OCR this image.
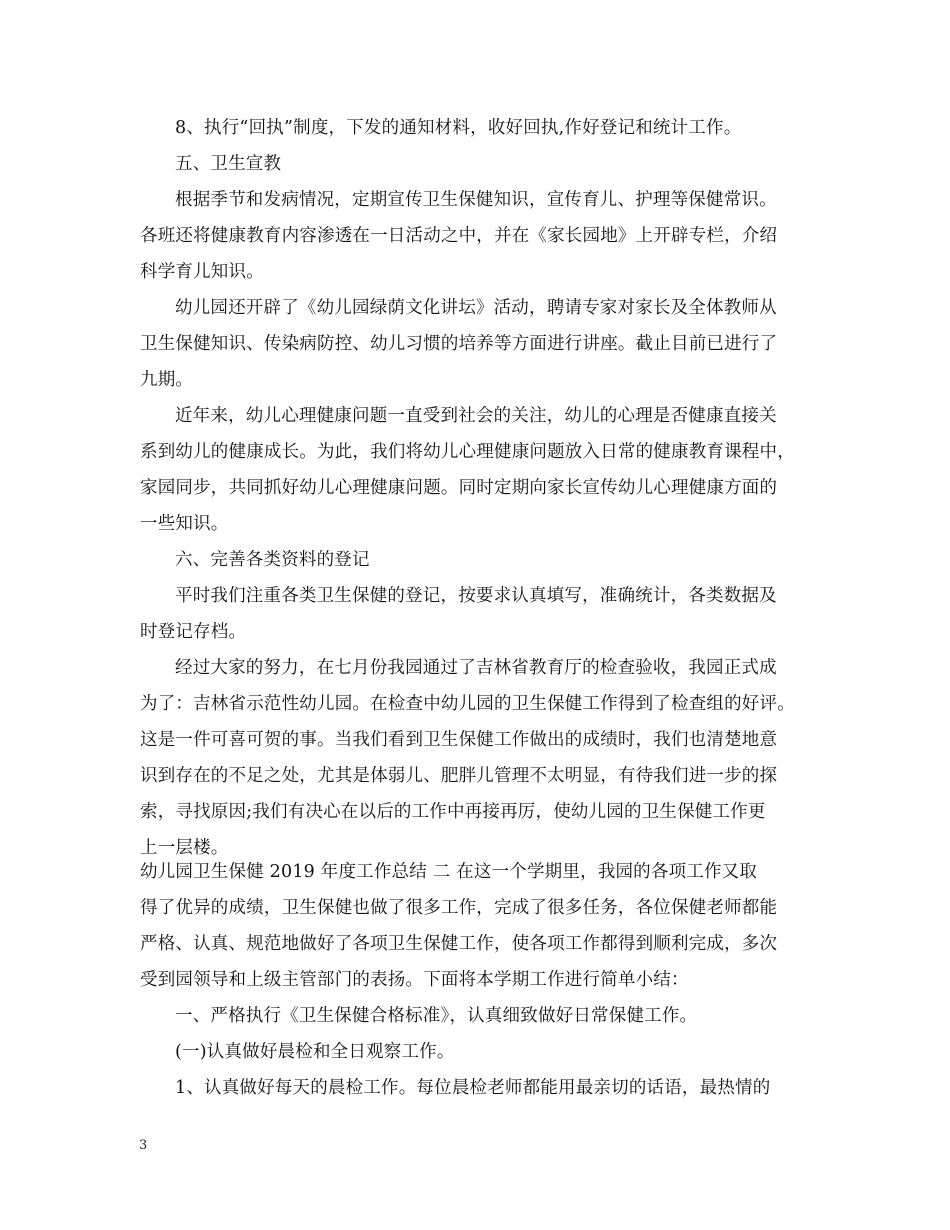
8、执行“回执”制度，下发的通知材料，收好回执,作好登记和统计工作。
五、卫生宣教
根据季节和发病情况，定期宣传卫生保健知识，宣传育儿、护理等保健常识。
各班还将健康教育内容渗透在一日活动之中，并在《家长园地》上开辟专栏，介绍
科学育儿知识。
幼儿园还开辟了《幼儿园绿荫文化讲坛》活动，聘请专家对家长及全体教师从
卫生保健知识、传染病防控、幼儿习惯的培养等方面进行讲座。截止目前已进行了
九期。
近年来，幼儿心理健康问题一直受到社会的关注，幼儿的心理是否健康直接关
系到幼儿的健康成长。为此，我们将幼儿心理健康问题放入日常的健康教育课程中，
家园同步，共同抓好幼儿心理健康问题。同时定期向家长宣传幼儿心理健康方面的
一些知识。
六、完善各类资料的登记
平时我们注重各类卫生保健的登记，按要求认真填写，准确统计，各类数据及
时登记存档。
经过大家的努力，在七月份我园通过了吉林省教育厅的检查验收，我园正式成
为了：吉林省示范性幼儿园。在检查中幼儿园的卫生保健工作得到了检查组的好评。
这是一件可喜可贺的事。当我们看到卫生保健工作做出的成绩时，我们也清楚地意
识到存在的不足之处，尤其是体弱儿、肥胖儿管理不太明显，有待我们进一步的探
索，寻找原因;我们有决心在以后的工作中再接再厉，使幼儿园的卫生保健工作更
上一层楼。
幼儿园卫生保健 2019 年度工作总结 二 在这一个学期里，我园的各项工作又取
得了优异的成绩，卫生保健也做了很多工作，完成了很多任务，各位保健老师都能
严格、认真、规范地做好了各项卫生保健工作，使各项工作都得到顺利完成，多次
受到园领导和上级主管部门的表扬。下面将本学期工作进行简单小结：
一、严格执行《卫生保健合格标准》，认真细致做好日常保健工作。
(一)认真做好晨检和全日观察工作。
1、认真做好每天的晨检工作。每位晨检老师都能用最亲切的话语，最热情的
3
